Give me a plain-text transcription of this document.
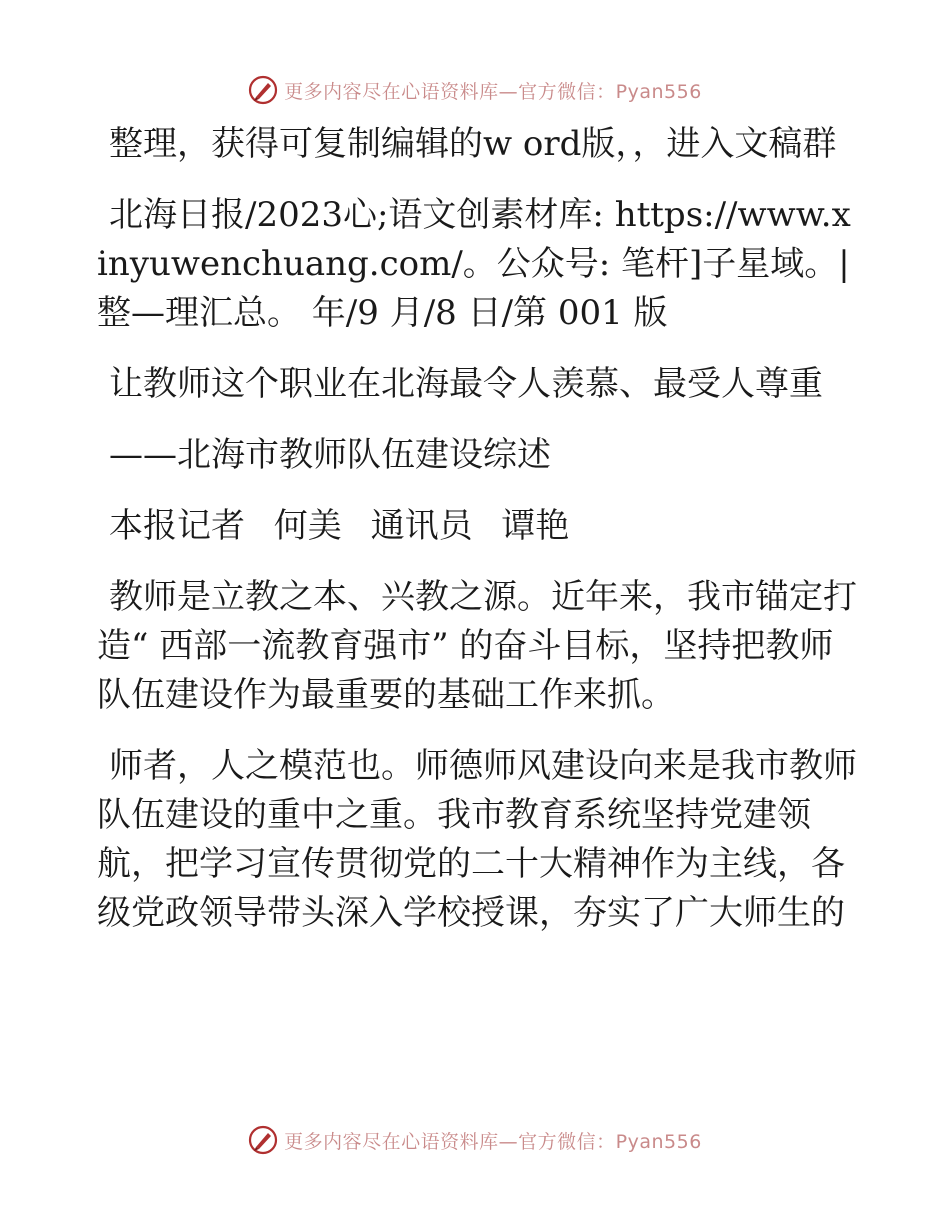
更多内容尽在心语资料库—官方微信：Pyan556

整理，获得可复制编辑的w ord版，，进入文稿群

北海日报/2023心;语文创素材库: https://www.xinyuwenchuang.com/。公众号: 笔杆]子星域。|整—理汇总。 年/9 月/8 日/第 001 版

让教师这个职业在北海最令人羡慕、最受人尊重

——北海市教师队伍建设综述

本报记者 何美 通讯员 谭艳

教师是立教之本、兴教之源。近年来，我市锚定打造“ 西部一流教育强市” 的奋斗目标，坚持把教师队伍建设作为最重要的基础工作来抓。

师者，人之模范也。师德师风建设向来是我市教师队伍建设的重中之重。我市教育系统坚持党建领航，把学习宣传贯彻党的二十大精神作为主线，各级党政领导带头深入学校授课，夯实了广大师生的

更多内容尽在心语资料库—官方微信：Pyan556
